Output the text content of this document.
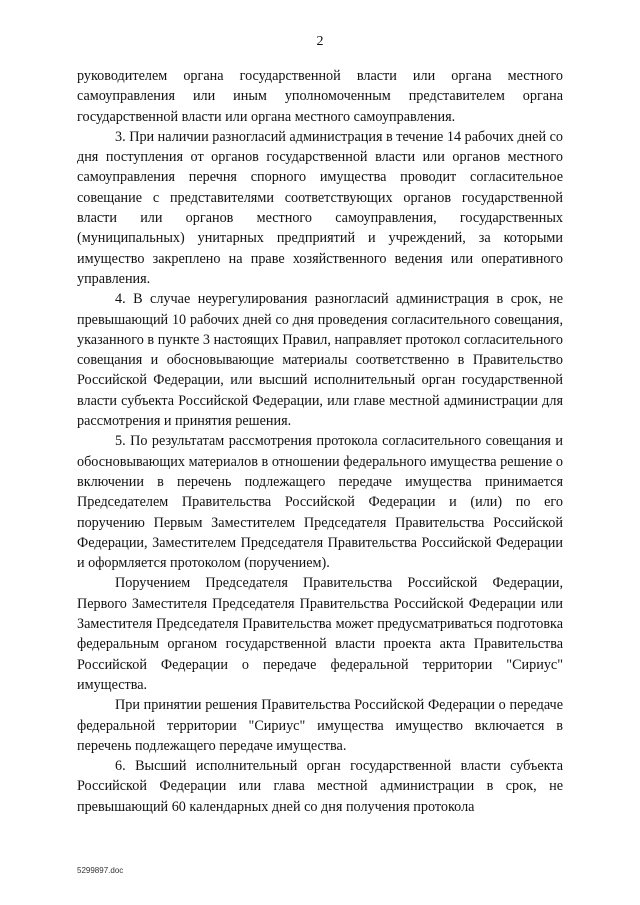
2

руководителем органа государственной власти или органа местного самоуправления или иным уполномоченным представителем органа государственной власти или органа местного самоуправления.

3. При наличии разногласий администрация в течение 14 рабочих дней со дня поступления от органов государственной власти или органов местного самоуправления перечня спорного имущества проводит согласительное совещание с представителями соответствующих органов государственной власти или органов местного самоуправления, государственных (муниципальных) унитарных предприятий и учреждений, за которыми имущество закреплено на праве хозяйственного ведения или оперативного управления.

4. В случае неурегулирования разногласий администрация в срок, не превышающий 10 рабочих дней со дня проведения согласительного совещания, указанного в пункте 3 настоящих Правил, направляет протокол согласительного совещания и обосновывающие материалы соответственно в Правительство Российской Федерации, или высший исполнительный орган государственной власти субъекта Российской Федерации, или главе местной администрации для рассмотрения и принятия решения.

5. По результатам рассмотрения протокола согласительного совещания и обосновывающих материалов в отношении федерального имущества решение о включении в перечень подлежащего передаче имущества принимается Председателем Правительства Российской Федерации и (или) по его поручению Первым Заместителем Председателя Правительства Российской Федерации, Заместителем Председателя Правительства Российской Федерации и оформляется протоколом (поручением).

Поручением Председателя Правительства Российской Федерации, Первого Заместителя Председателя Правительства Российской Федерации или Заместителя Председателя Правительства может предусматриваться подготовка федеральным органом государственной власти проекта акта Правительства Российской Федерации о передаче федеральной территории "Сириус" имущества.

При принятии решения Правительства Российской Федерации о передаче федеральной территории "Сириус" имущества имущество включается в перечень подлежащего передаче имущества.

6. Высший исполнительный орган государственной власти субъекта Российской Федерации или глава местной администрации в срок, не превышающий 60 календарных дней со дня получения протокола

5299897.doc
